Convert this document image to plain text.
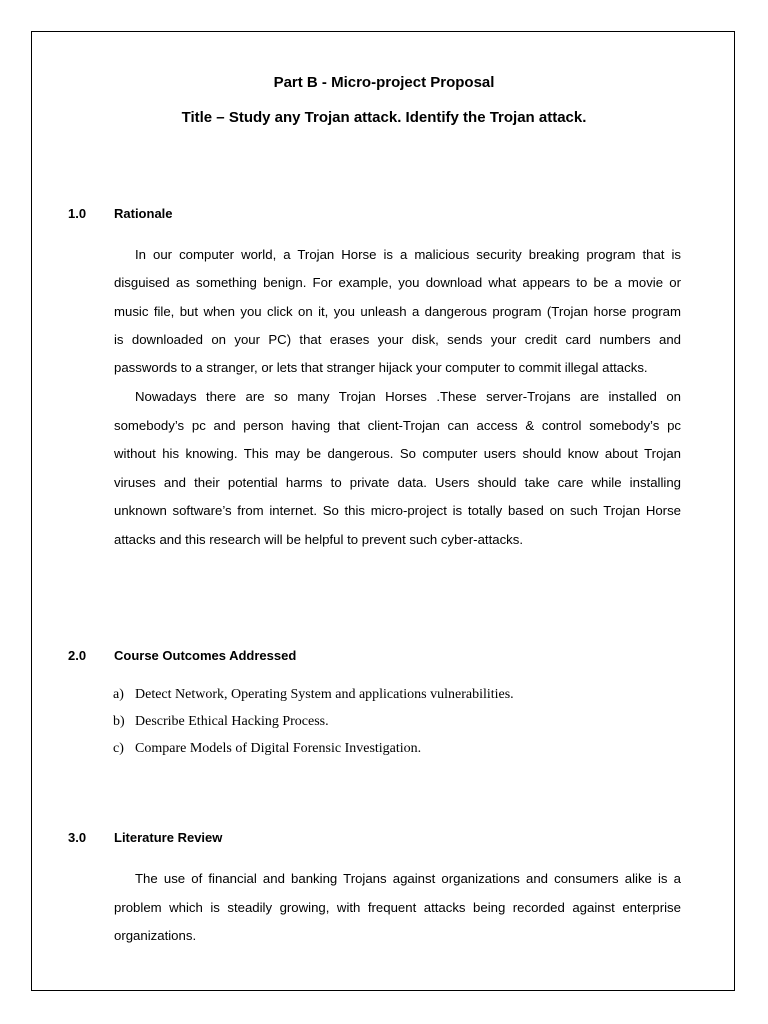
Part B - Micro-project Proposal
Title – Study any Trojan attack. Identify the Trojan attack.
1.0 Rationale
In our computer world, a Trojan Horse is a malicious security breaking program that is
disguised as something benign. For example, you download what appears to be a movie or
music file, but when you click on it, you unleash a dangerous program (Trojan horse program
is downloaded on your PC) that erases your disk, sends your credit card numbers and
passwords to a stranger, or lets that stranger hijack your computer to commit illegal attacks.
Nowadays there are so many Trojan Horses .These server-Trojans are installed on
somebody’s pc and person having that client-Trojan can access & control somebody’s pc
without his knowing. This may be dangerous. So computer users should know about Trojan
viruses and their potential harms to private data. Users should take care while installing
unknown software’s from internet. So this micro-project is totally based on such Trojan Horse
attacks and this research will be helpful to prevent such cyber-attacks.
2.0 Course Outcomes Addressed
a) Detect Network, Operating System and applications vulnerabilities.
b) Describe Ethical Hacking Process.
c) Compare Models of Digital Forensic Investigation.
3.0 Literature Review
The use of financial and banking Trojans against organizations and consumers alike is a
problem which is steadily growing, with frequent attacks being recorded against enterprise
organizations.
